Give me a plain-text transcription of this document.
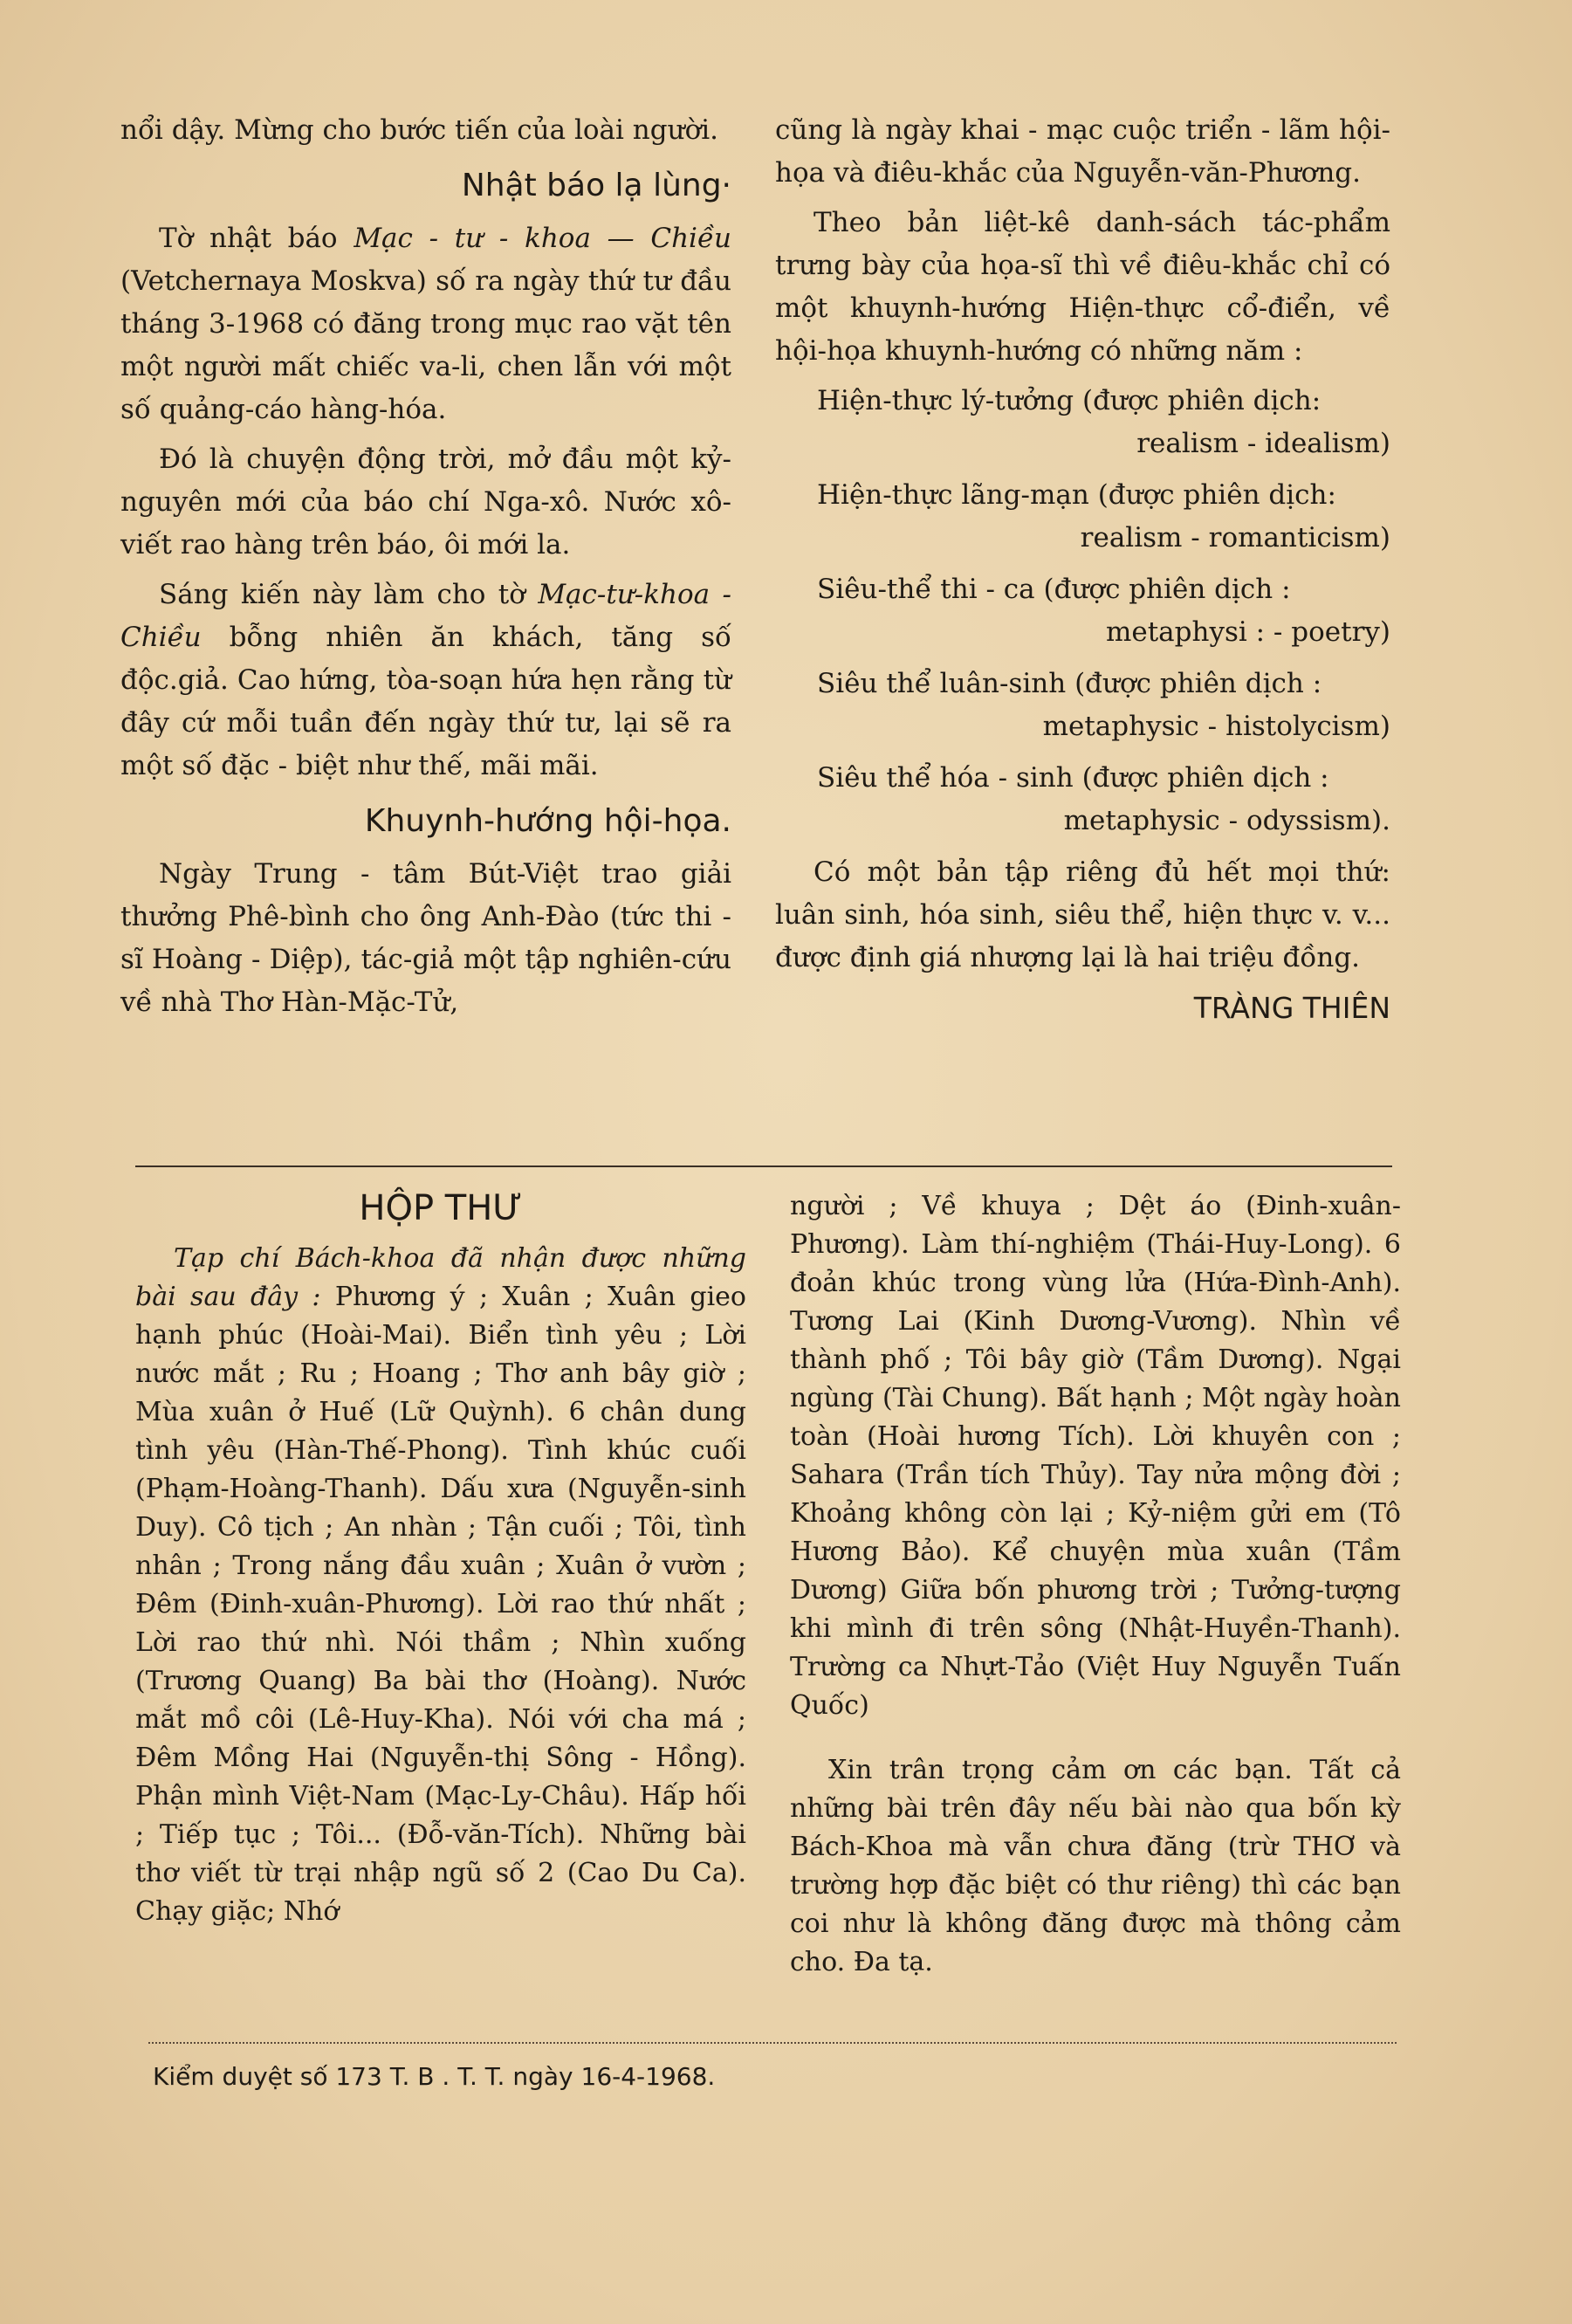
nổi dậy. Mừng cho bước tiến của loài người.

Nhật báo lạ lùng·

Tờ nhật báo Mạc - tư - khoa — Chiều (Vetchernaya Moskva) số ra ngày thứ tư đầu tháng 3-1968 có đăng trong mục rao vặt tên một người mất chiếc va-li, chen lẫn với một số quảng-cáo hàng-hóa.

Đó là chuyện động trời, mở đầu một kỷ-nguyên mới của báo chí Nga-xô. Nước xô-viết rao hàng trên báo, ôi mới la.

Sáng kiến này làm cho tờ Mạc-tư-khoa - Chiều bỗng nhiên ăn khách, tăng số độc.giả. Cao hứng, tòa-soạn hứa hẹn rằng từ đây cứ mỗi tuần đến ngày thứ tư, lại sẽ ra một số đặc - biệt như thế, mãi mãi.

Khuynh-hướng hội-họa.

Ngày Trung - tâm Bút-Việt trao giải thưởng Phê-bình cho ông Anh-Đào (tức thi - sĩ Hoàng - Diệp), tác-giả một tập nghiên-cứu về nhà Thơ Hàn-Mặc-Tử,

cũng là ngày khai - mạc cuộc triển - lãm hội-họa và điêu-khắc của Nguyễn-văn-Phương.

Theo bản liệt-kê danh-sách tác-phẩm trưng bày của họa-sĩ thì về điêu-khắc chỉ có một khuynh-hướng Hiện-thực cổ-điển, về hội-họa khuynh-hướng có những năm :

Hiện-thực lý-tưởng (được phiên dịch:
realism - idealism)
Hiện-thực lãng-mạn (được phiên dịch:
realism - romanticism)
Siêu-thể thi - ca (được phiên dịch :
metaphysi : - poetry)
Siêu thể luân-sinh (được phiên dịch :
metaphysic - histolycism)
Siêu thể hóa - sinh (được phiên dịch :
metaphysic - odyssism).

Có một bản tập riêng đủ hết mọi thứ: luân sinh, hóa sinh, siêu thể, hiện thực v. v... được định giá nhượng lại là hai triệu đồng.

TRÀNG THIÊN
HỘP THƯ

Tạp chí Bách-khoa đã nhận được những bài sau đây : Phương ý ; Xuân ; Xuân gieo hạnh phúc (Hoài-Mai). Biển tình yêu ; Lời nước mắt ; Ru ; Hoang ; Thơ anh bây giờ ; Mùa xuân ở Huế (Lữ Quỳnh). 6 chân dung tình yêu (Hàn-Thế-Phong). Tình khúc cuối (Phạm-Hoàng-Thanh). Dấu xưa (Nguyễn-sinh Duy). Cô tịch ; An nhàn ; Tận cuối ; Tôi, tình nhân ; Trong nắng đầu xuân ; Xuân ở vườn ; Đêm (Đinh-xuân-Phương). Lời rao thứ nhất ; Lời rao thứ nhì. Nói thầm ; Nhìn xuống (Trương Quang) Ba bài thơ (Hoàng). Nước mắt mồ côi (Lê-Huy-Kha). Nói với cha má ; Đêm Mồng Hai (Nguyễn-thị Sông - Hồng). Phận mình Việt-Nam (Mạc-Ly-Châu). Hấp hối ; Tiếp tục ; Tôi... (Đỗ-văn-Tích). Những bài thơ viết từ trại nhập ngũ số 2 (Cao Du Ca). Chạy giặc; Nhớ

người ; Về khuya ; Dệt áo (Đinh-xuân-Phương). Làm thí-nghiệm (Thái-Huy-Long). 6 đoản khúc trong vùng lửa (Hứa-Đình-Anh). Tương Lai (Kinh Dương-Vương). Nhìn về thành phố ; Tôi bây giờ (Tầm Dương). Ngại ngùng (Tài Chung). Bất hạnh ; Một ngày hoàn toàn (Hoài hương Tích). Lời khuyên con ; Sahara (Trần tích Thủy). Tay nửa mộng đời ; Khoảng không còn lại ; Kỷ-niệm gửi em (Tô Hương Bảo). Kể chuyện mùa xuân (Tầm Dương) Giữa bốn phương trời ; Tưởng-tượng khi mình đi trên sông (Nhật-Huyền-Thanh). Trường ca Nhựt-Tảo (Việt Huy Nguyễn Tuấn Quốc)

Xin trân trọng cảm ơn các bạn. Tất cả những bài trên đây nếu bài nào qua bốn kỳ Bách-Khoa mà vẫn chưa đăng (trừ THƠ và trường hợp đặc biệt có thư riêng) thì các bạn coi như là không đăng được mà thông cảm cho. Đa tạ.

Kiểm duyệt số 173 T. B . T. T. ngày 16-4-1968.
